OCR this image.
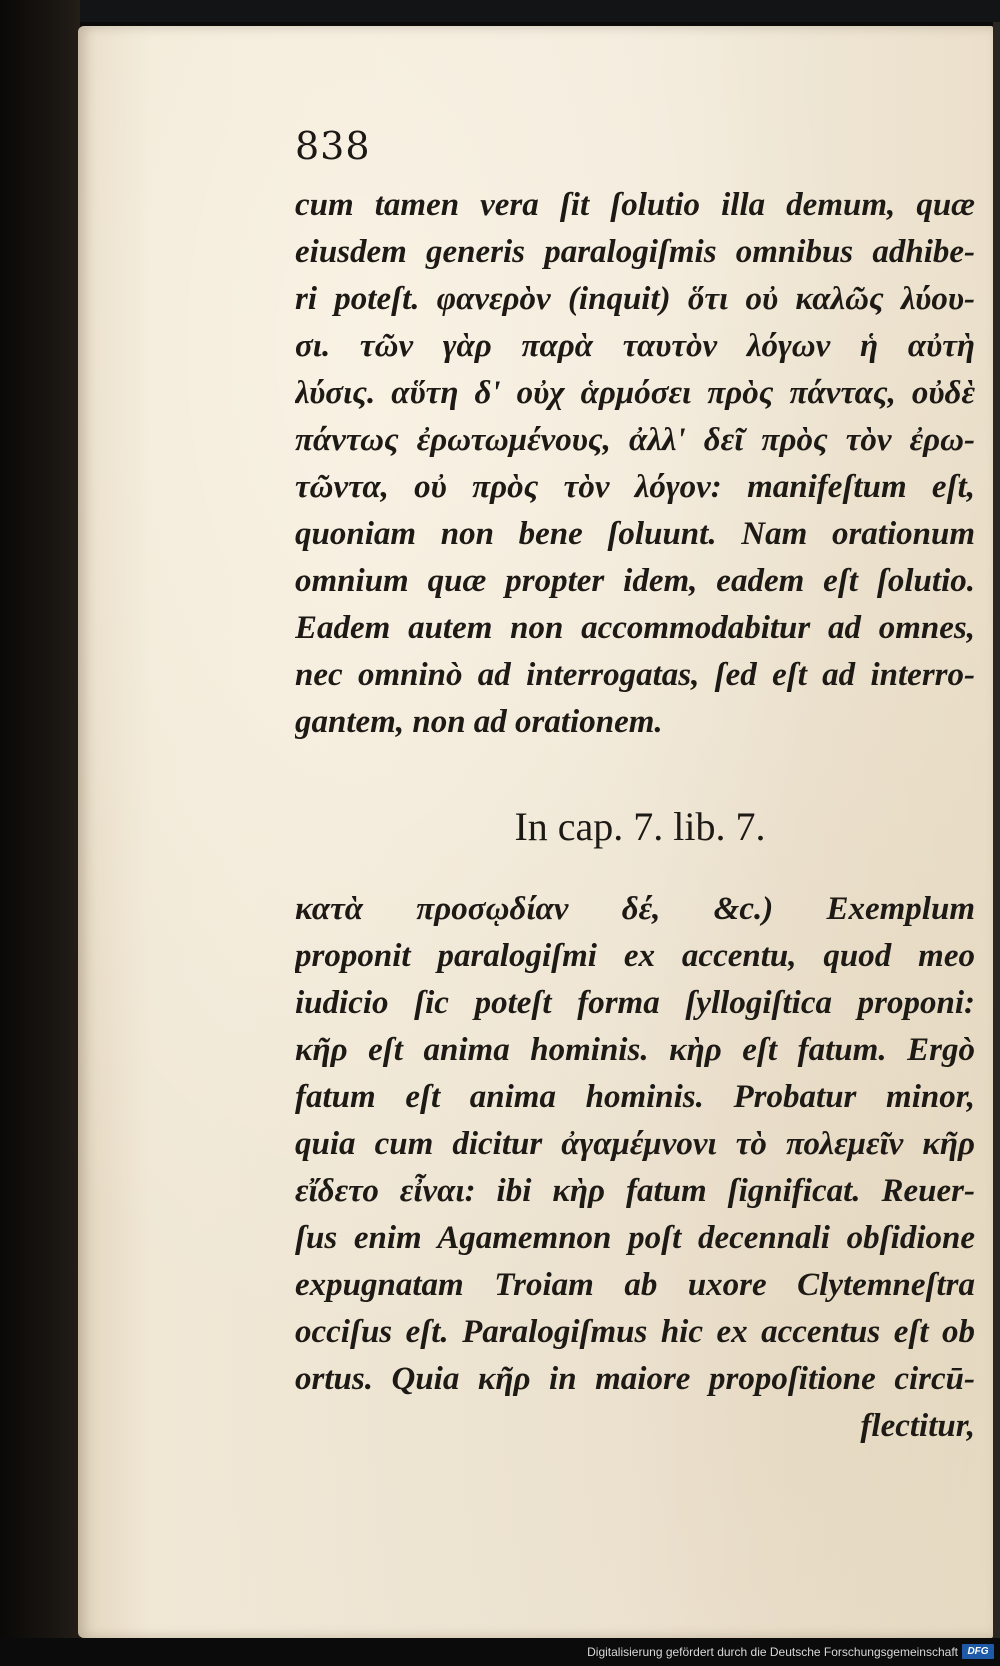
838
cum tamen vera ſit ſolutio illa demum, quæ
eiusdem generis paralogiſmis omnibus adhibe-
ri poteſt. φανερὸν (inquit) ὅτι οὐ καλῶς λύου-
σι. τῶν γὰρ παρὰ ταυτὸν λόγων ἡ αὐτὴ
λύσις. αὕτη δ' οὐχ ἁρμόσει πρὸς πάντας, οὐδὲ
πάντως ἐρωτωμένους, ἀλλ' δεῖ πρὸς τὸν ἐρω-
τῶντα, οὐ πρὸς τὸν λόγον: manifeſtum eſt,
quoniam non bene ſoluunt. Nam orationum
omnium quæ propter idem, eadem eſt ſolutio.
Eadem autem non accommodabitur ad omnes,
nec omninò ad interrogatas, ſed eſt ad interro-
gantem, non ad orationem.
In cap. 7. lib. 7.
κατὰ προσῳδίαν δέ, &c.) Exemplum
proponit paralogiſmi ex accentu, quod meo
iudicio ſic poteſt forma ſyllogiſtica proponi:
κῆρ eſt anima hominis. κὴρ eſt fatum. Ergò
fatum eſt anima hominis. Probatur minor,
quia cum dicitur ἀγαμέμνονι τὸ πολεμεῖν κῆρ
εἴδετο εἶναι: ibi κὴρ fatum ſignificat. Reuer-
ſus enim Agamemnon poſt decennali obſidione
expugnatam Troiam ab uxore Clytemneſtra
occiſus eſt. Paralogiſmus hic ex accentus eſt ob
ortus. Quia κῆρ in maiore propoſitione circū-
flectitur,
Digitalisierung gefördert durch die Deutsche Forschungsgemeinschaft DFG
